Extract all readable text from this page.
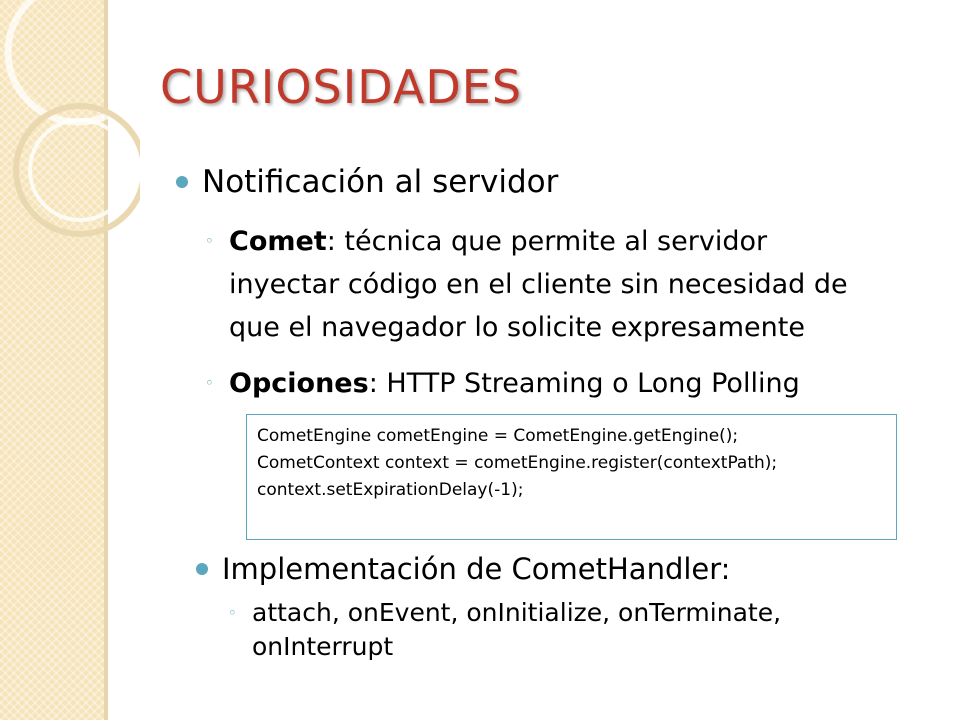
CURIOSIDADES
Notificación al servidor
◦ Comet: técnica que permite al servidor
inyectar código en el cliente sin necesidad de
que el navegador lo solicite expresamente
◦ Opciones: HTTP Streaming o Long Polling
CometEngine cometEngine = CometEngine.getEngine();
CometContext context = cometEngine.register(contextPath);
context.setExpirationDelay(-1);
Implementación de CometHandler:
◦ attach, onEvent, onInitialize, onTerminate,
onInterrupt
